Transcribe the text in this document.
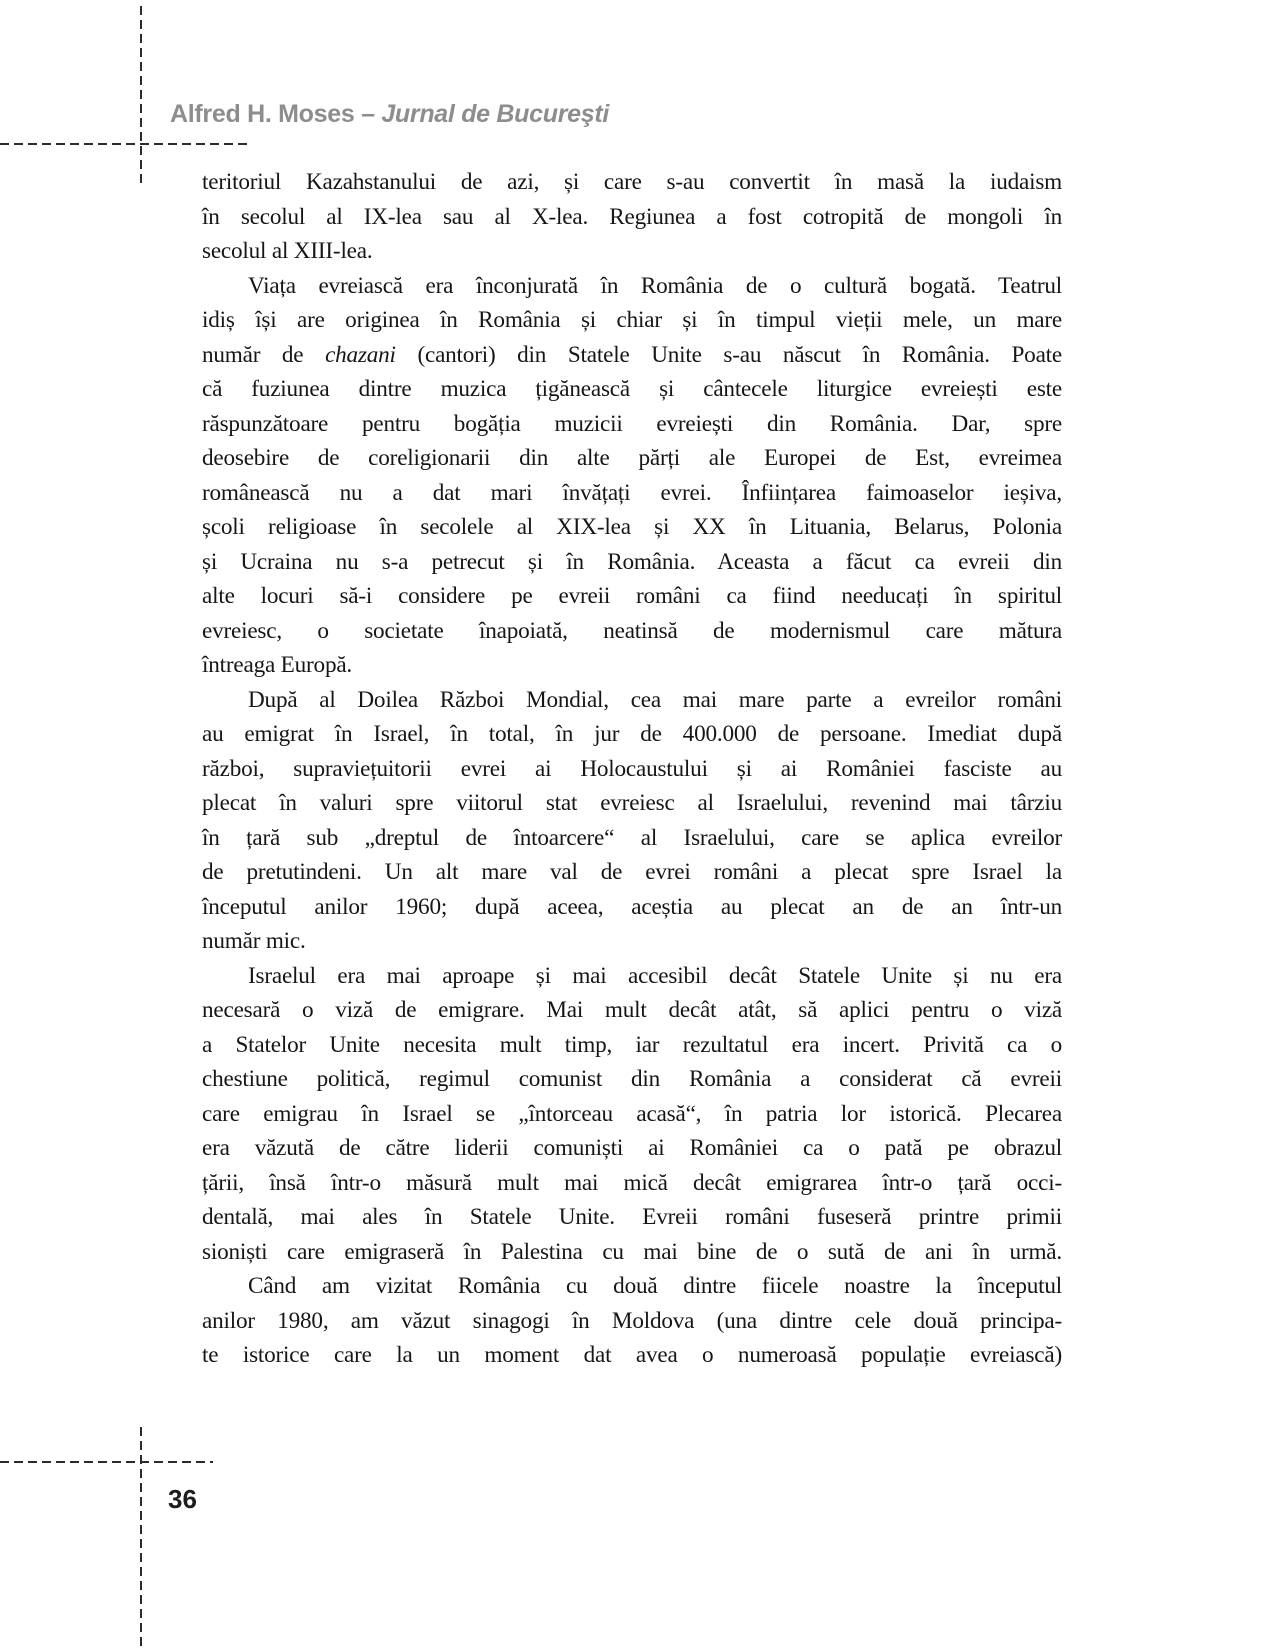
Alfred H. Moses – Jurnal de Bucureşti
teritoriul Kazahstanului de azi, și care s-au convertit în masă la iudaism
în secolul al IX-lea sau al X-lea. Regiunea a fost cotropită de mongoli în
secolul al XIII-lea.
Viața evreiască era înconjurată în România de o cultură bogată. Teatrul
idiș își are originea în România și chiar și în timpul vieții mele, un mare
număr de chazani (cantori) din Statele Unite s-au născut în România. Poate
că fuziunea dintre muzica țigănească și cântecele liturgice evreiești este
răspunzătoare pentru bogăția muzicii evreiești din România. Dar, spre
deosebire de coreligionarii din alte părți ale Europei de Est, evreimea
românească nu a dat mari învățați evrei. Înființarea faimoaselor ieșiva,
școli religioase în secolele al XIX-lea și XX în Lituania, Belarus, Polonia
și Ucraina nu s-a petrecut și în România. Aceasta a făcut ca evreii din
alte locuri să-i considere pe evreii români ca fiind needucați în spiritul
evreiesc, o societate înapoiată, neatinsă de modernismul care mătura
întreaga Europă.
După al Doilea Război Mondial, cea mai mare parte a evreilor români
au emigrat în Israel, în total, în jur de 400.000 de persoane. Imediat după
război, supraviețuitorii evrei ai Holocaustului și ai României fasciste au
plecat în valuri spre viitorul stat evreiesc al Israelului, revenind mai târziu
în țară sub „dreptul de întoarcere“ al Israelului, care se aplica evreilor
de pretutindeni. Un alt mare val de evrei români a plecat spre Israel la
începutul anilor 1960; după aceea, aceștia au plecat an de an într-un
număr mic.
Israelul era mai aproape și mai accesibil decât Statele Unite și nu era
necesară o viză de emigrare. Mai mult decât atât, să aplici pentru o viză
a Statelor Unite necesita mult timp, iar rezultatul era incert. Privită ca o
chestiune politică, regimul comunist din România a considerat că evreii
care emigrau în Israel se „întorceau acasă“, în patria lor istorică. Plecarea
era văzută de către liderii comuniști ai României ca o pată pe obrazul
țării, însă într-o măsură mult mai mică decât emigrarea într-o țară occi-
dentală, mai ales în Statele Unite. Evreii români fuseseră printre primii
sioniști care emigraseră în Palestina cu mai bine de o sută de ani în urmă.
Când am vizitat România cu două dintre fiicele noastre la începutul
anilor 1980, am văzut sinagogi în Moldova (una dintre cele două principa-
te istorice care la un moment dat avea o numeroasă populație evreiască)
36
